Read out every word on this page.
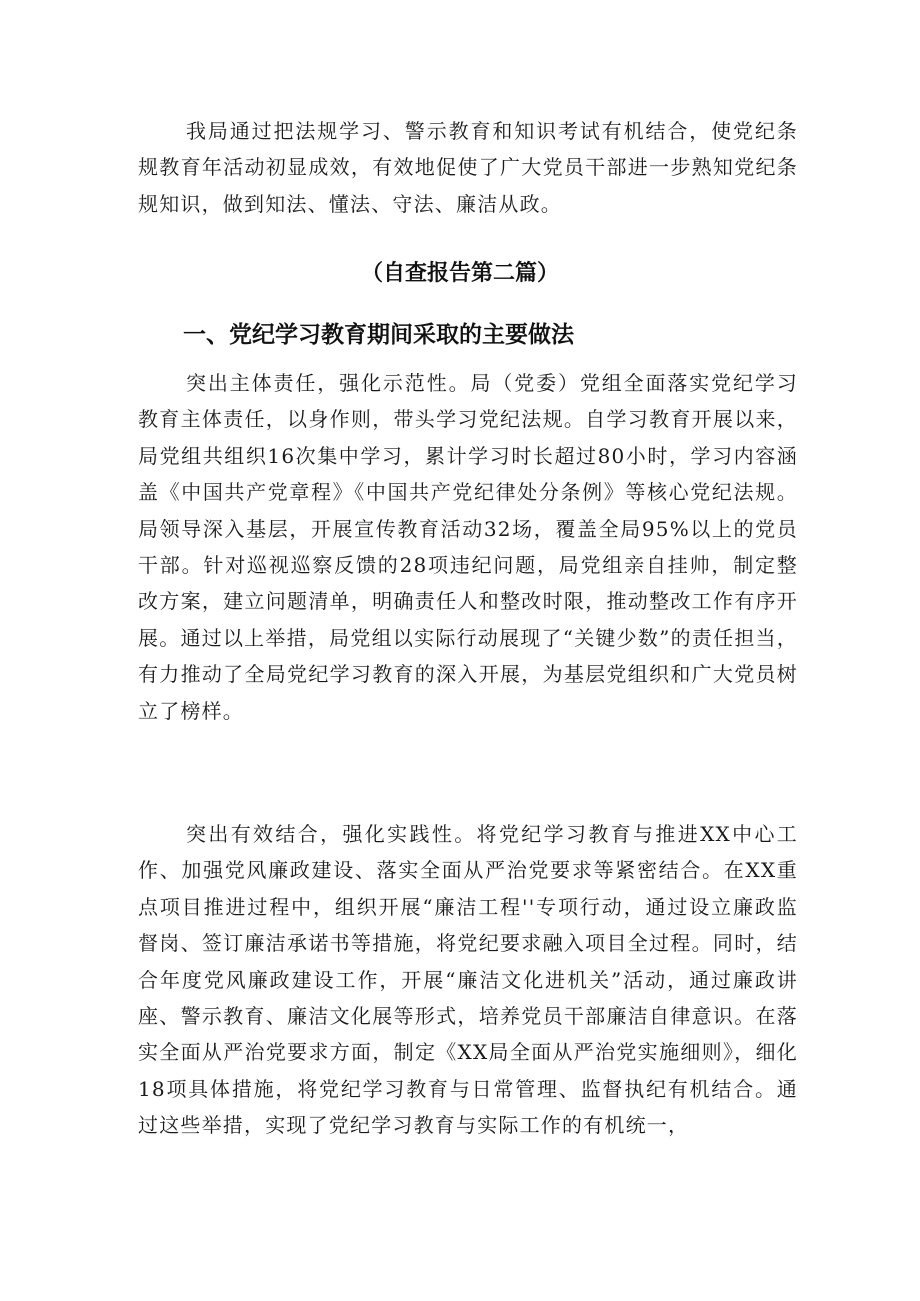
我局通过把法规学习、警示教育和知识考试有机结合，使党纪条规教育年活动初显成效，有效地促使了广大党员干部进一步熟知党纪条规知识，做到知法、懂法、守法、廉洁从政。

（自查报告第二篇）
一、党纪学习教育期间采取的主要做法

突出主体责任，强化示范性。局（党委）党组全面落实党纪学习教育主体责任，以身作则，带头学习党纪法规。自学习教育开展以来，局党组共组织16次集中学习，累计学习时长超过80小时，学习内容涵盖《中国共产党章程》《中国共产党纪律处分条例》等核心党纪法规。局领导深入基层，开展宣传教育活动32场，覆盖全局95%以上的党员干部。针对巡视巡察反馈的28项违纪问题，局党组亲自挂帅，制定整改方案，建立问题清单，明确责任人和整改时限，推动整改工作有序开展。通过以上举措，局党组以实际行动展现了“关键少数”的责任担当，有力推动了全局党纪学习教育的深入开展，为基层党组织和广大党员树立了榜样。

突出有效结合，强化实践性。将党纪学习教育与推进XX中心工作、加强党风廉政建设、落实全面从严治党要求等紧密结合。在XX重点项目推进过程中，组织开展“廉洁工程''专项行动，通过设立廉政监督岗、签订廉洁承诺书等措施，将党纪要求融入项目全过程。同时，结合年度党风廉政建设工作，开展“廉洁文化进机关”活动，通过廉政讲座、警示教育、廉洁文化展等形式，培养党员干部廉洁自律意识。在落实全面从严治党要求方面，制定《XX局全面从严治党实施细则》，细化18项具体措施，将党纪学习教育与日常管理、监督执纪有机结合。通过这些举措，实现了党纪学习教育与实际工作的有机统一，
